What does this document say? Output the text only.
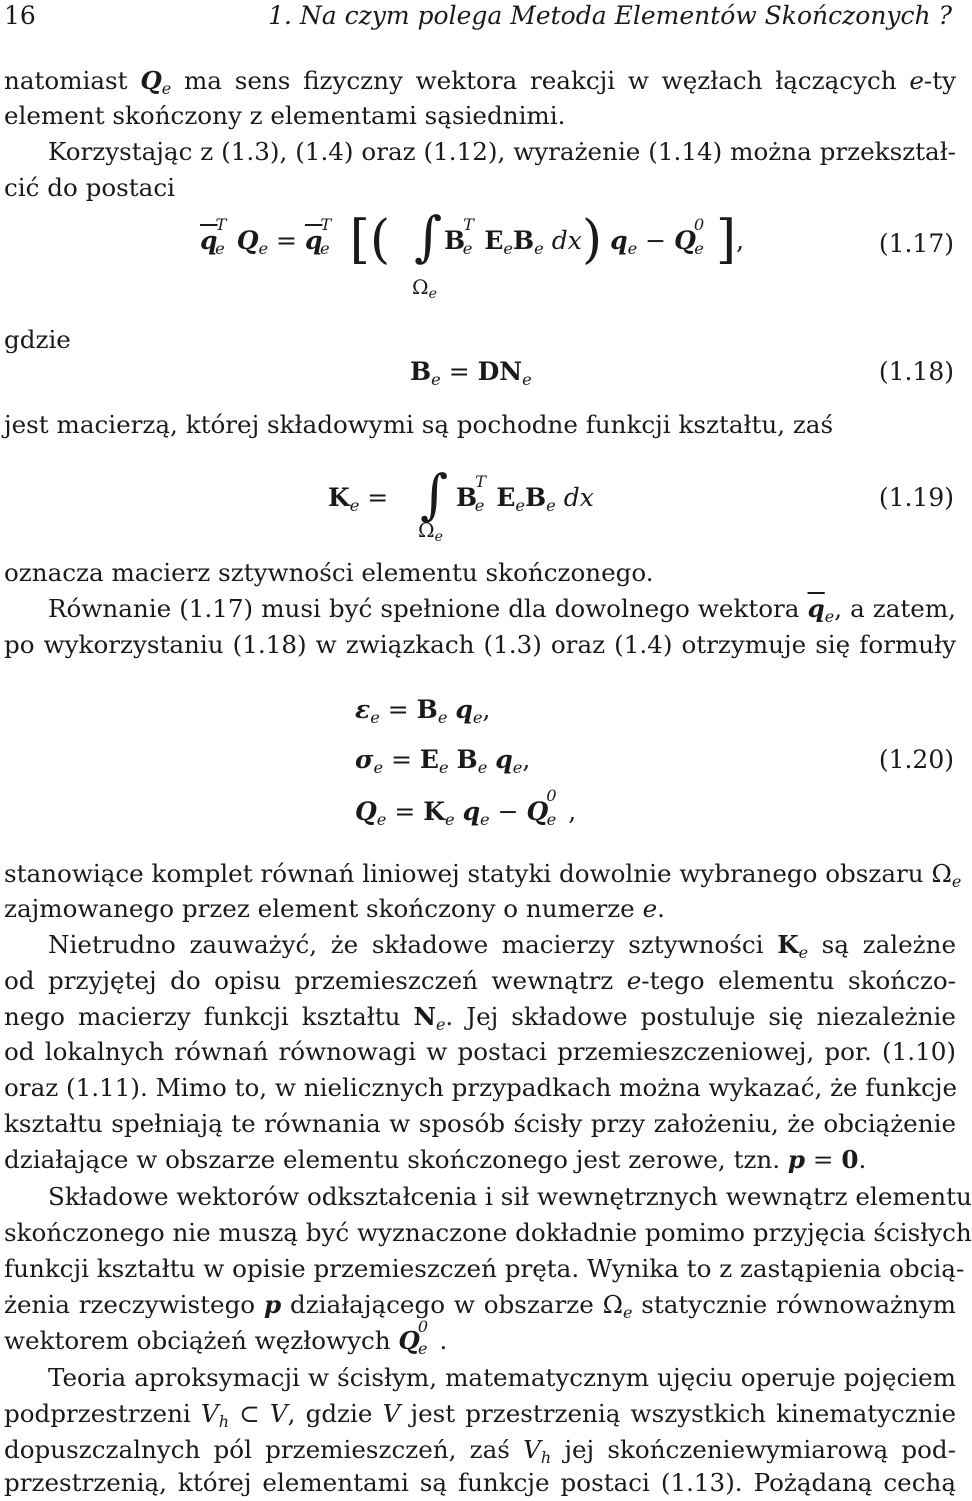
16	1. Na czym polega Metoda Elementów Skończonych ?
natomiast $Q_e$ ma sens fizyczny wektora reakcji w węzłach łączących e-ty
element skończony z elementami sąsiednimi.
Korzystając z (1.3), (1.4) oraz (1.12), wyrażenie (1.14) można przekształ-
cić do postaci
$\overline{q}_{Te}$ $Q_e = \overline{q}_{Te}$ [( ∫
$\Omega_e$
$B_{Te}$ $E_eB_e$ dx) $q_e - Q_{0e}$ ],	(1.17)
gdzie
$B_e = DN_e$	(1.18)
jest macierzą, której składowymi są pochodne funkcji kształtu, zaś
$K_e$ = ∫
$\Omega_e$
$B_{Te}$ $E_eB_e$ dx	(1.19)
oznacza macierz sztywności elementu skończonego.
Równanie (1.17) musi być spełnione dla dowolnego wektora $\overline{q}_e$, a zatem,
po wykorzystaniu (1.18) w związkach (1.3) oraz (1.4) otrzymuje się formuły
$\varepsilon_e = B_e$ $q_e$,
$\sigma_e = E_e$ $B_e$ $q_e$,
$Q_e = K_e$ $q_e - Q_{0e}$ ,
(1.20)
stanowiące komplet równań liniowej statyki dowolnie wybranego obszaru $\Omega_e$
zajmowanego przez element skończony o numerze e.
Nietrudno zauważyć, że składowe macierzy sztywności $K_e$ są zależne
od przyjętej do opisu przemieszczeń wewnątrz e-tego elementu skończo-
nego macierzy funkcji kształtu $N_e$. Jej składowe postuluje się niezależnie
od lokalnych równań równowagi w postaci przemieszczeniowej, por. (1.10)
oraz (1.11). Mimo to, w nielicznych przypadkach można wykazać, że funkcje
kształtu spełniają te równania w sposób ścisły przy założeniu, że obciążenie
działające w obszarze elementu skończonego jest zerowe, tzn. p = 0.
Składowe wektorów odkształcenia i sił wewnętrznych wewnątrz elementu
skończonego nie muszą być wyznaczone dokładnie pomimo przyjęcia ścisłych
funkcji kształtu w opisie przemieszczeń pręta. Wynika to z zastąpienia obcią-
żenia rzeczywistego p działającego w obszarze $\Omega_e$ statycznie równoważnym
wektorem obciążeń węzłowych $Q_{0e}$ .
Teoria aproksymacji w ścisłym, matematycznym ujęciu operuje pojęciem
podprzestrzeni $V_h$ ⊂ V, gdzie V jest przestrzenią wszystkich kinematycznie
dopuszczalnych pól przemieszczeń, zaś $V_h$ jej skończeniewymiarową pod-
przestrzenią, której elementami są funkcje postaci (1.13). Pożądaną cechą
